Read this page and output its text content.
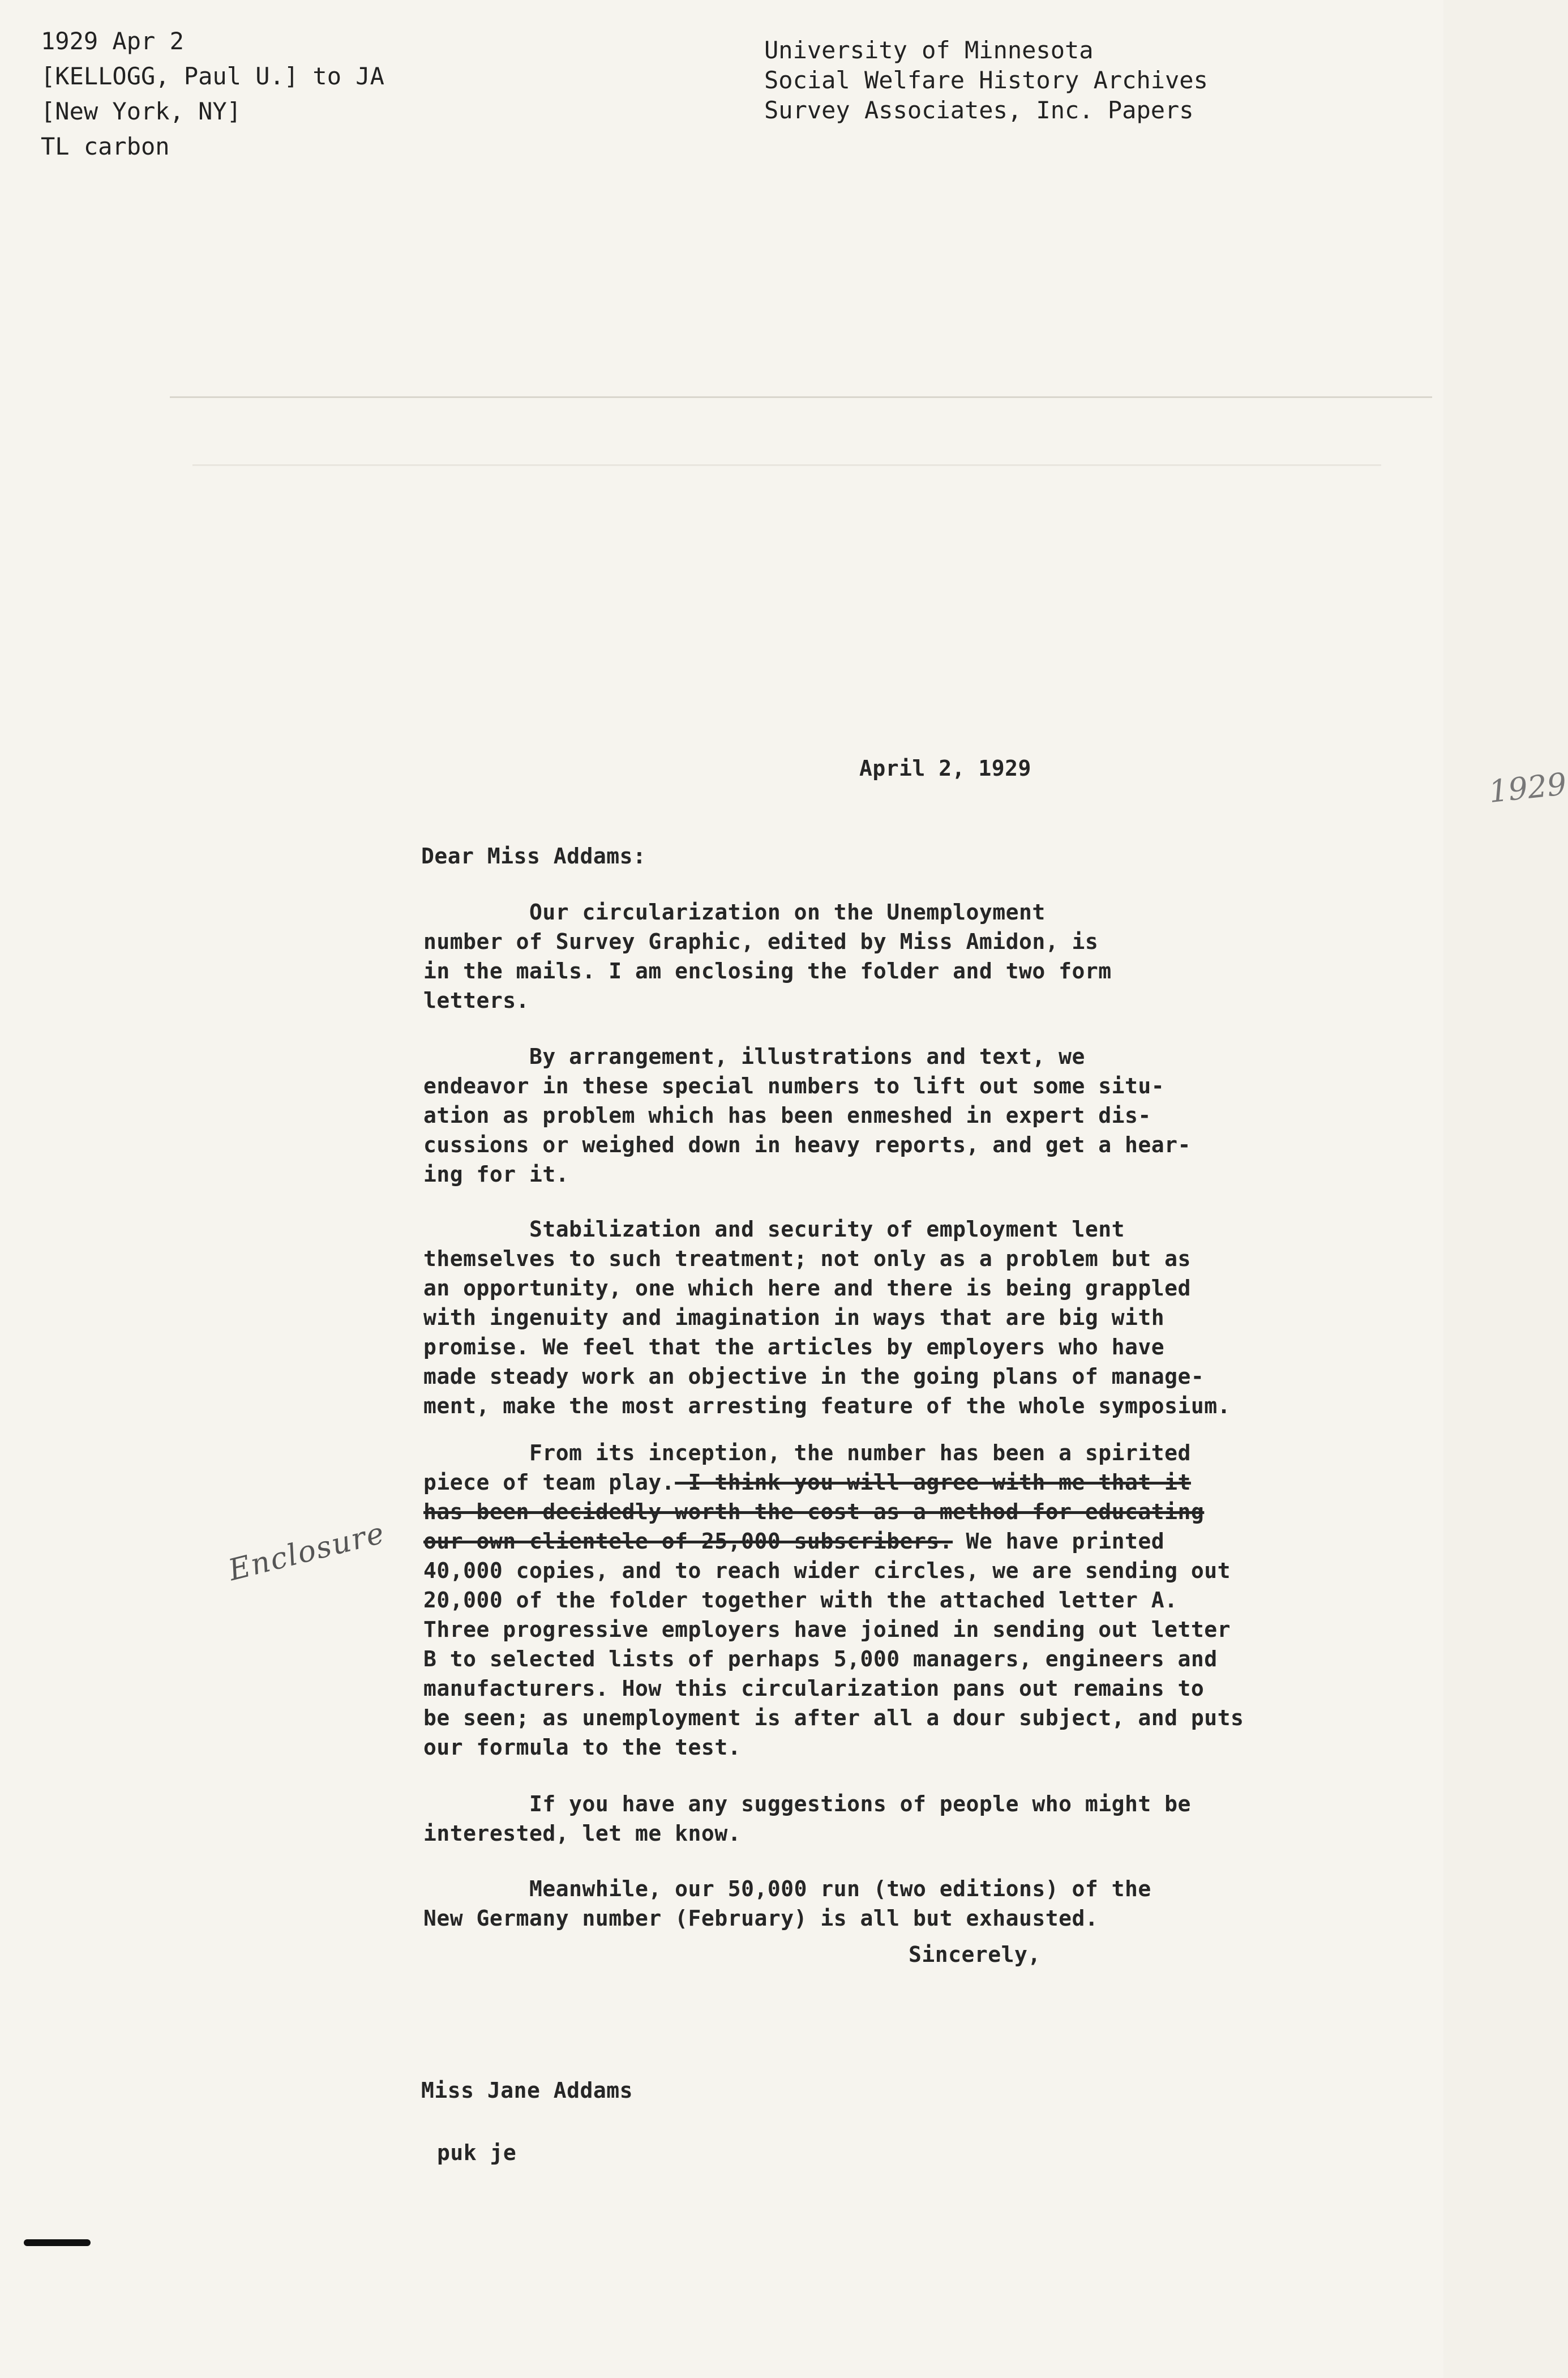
1929 Apr 2
[KELLOGG, Paul U.] to JA
[New York, NY]
TL carbon
University of Minnesota
Social Welfare History Archives
Survey Associates, Inc. Papers
1929
April 2, 1929
Dear Miss Addams:
Our circularization on the Unemployment
number of Survey Graphic, edited by Miss Amidon, is
in the mails. I am enclosing the folder and two form
letters.
By arrangement, illustrations and text, we
endeavor in these special numbers to lift out some situ-
ation as problem which has been enmeshed in expert dis-
cussions or weighed down in heavy reports, and get a hear-
ing for it.
Stabilization and security of employment lent
themselves to such treatment; not only as a problem but as
an opportunity, one which here and there is being grappled
with ingenuity and imagination in ways that are big with
promise. We feel that the articles by employers who have
made steady work an objective in the going plans of manage-
ment, make the most arresting feature of the whole symposium.
From its inception, the number has been a spirited
piece of team play. I think you will agree with me that it
has been decidedly worth the cost as a method for educating
our own clientele of 25,000 subscribers. We have printed
40,000 copies, and to reach wider circles, we are sending out
20,000 of the folder together with the attached letter A.
Three progressive employers have joined in sending out letter
B to selected lists of perhaps 5,000 managers, engineers and
manufacturers. How this circularization pans out remains to
be seen; as unemployment is after all a dour subject, and puts
our formula to the test.
If you have any suggestions of people who might be
interested, let me know.
Meanwhile, our 50,000 run (two editions) of the
New Germany number (February) is all but exhausted.
Sincerely,
Miss Jane Addams
puk je
Enclosure
